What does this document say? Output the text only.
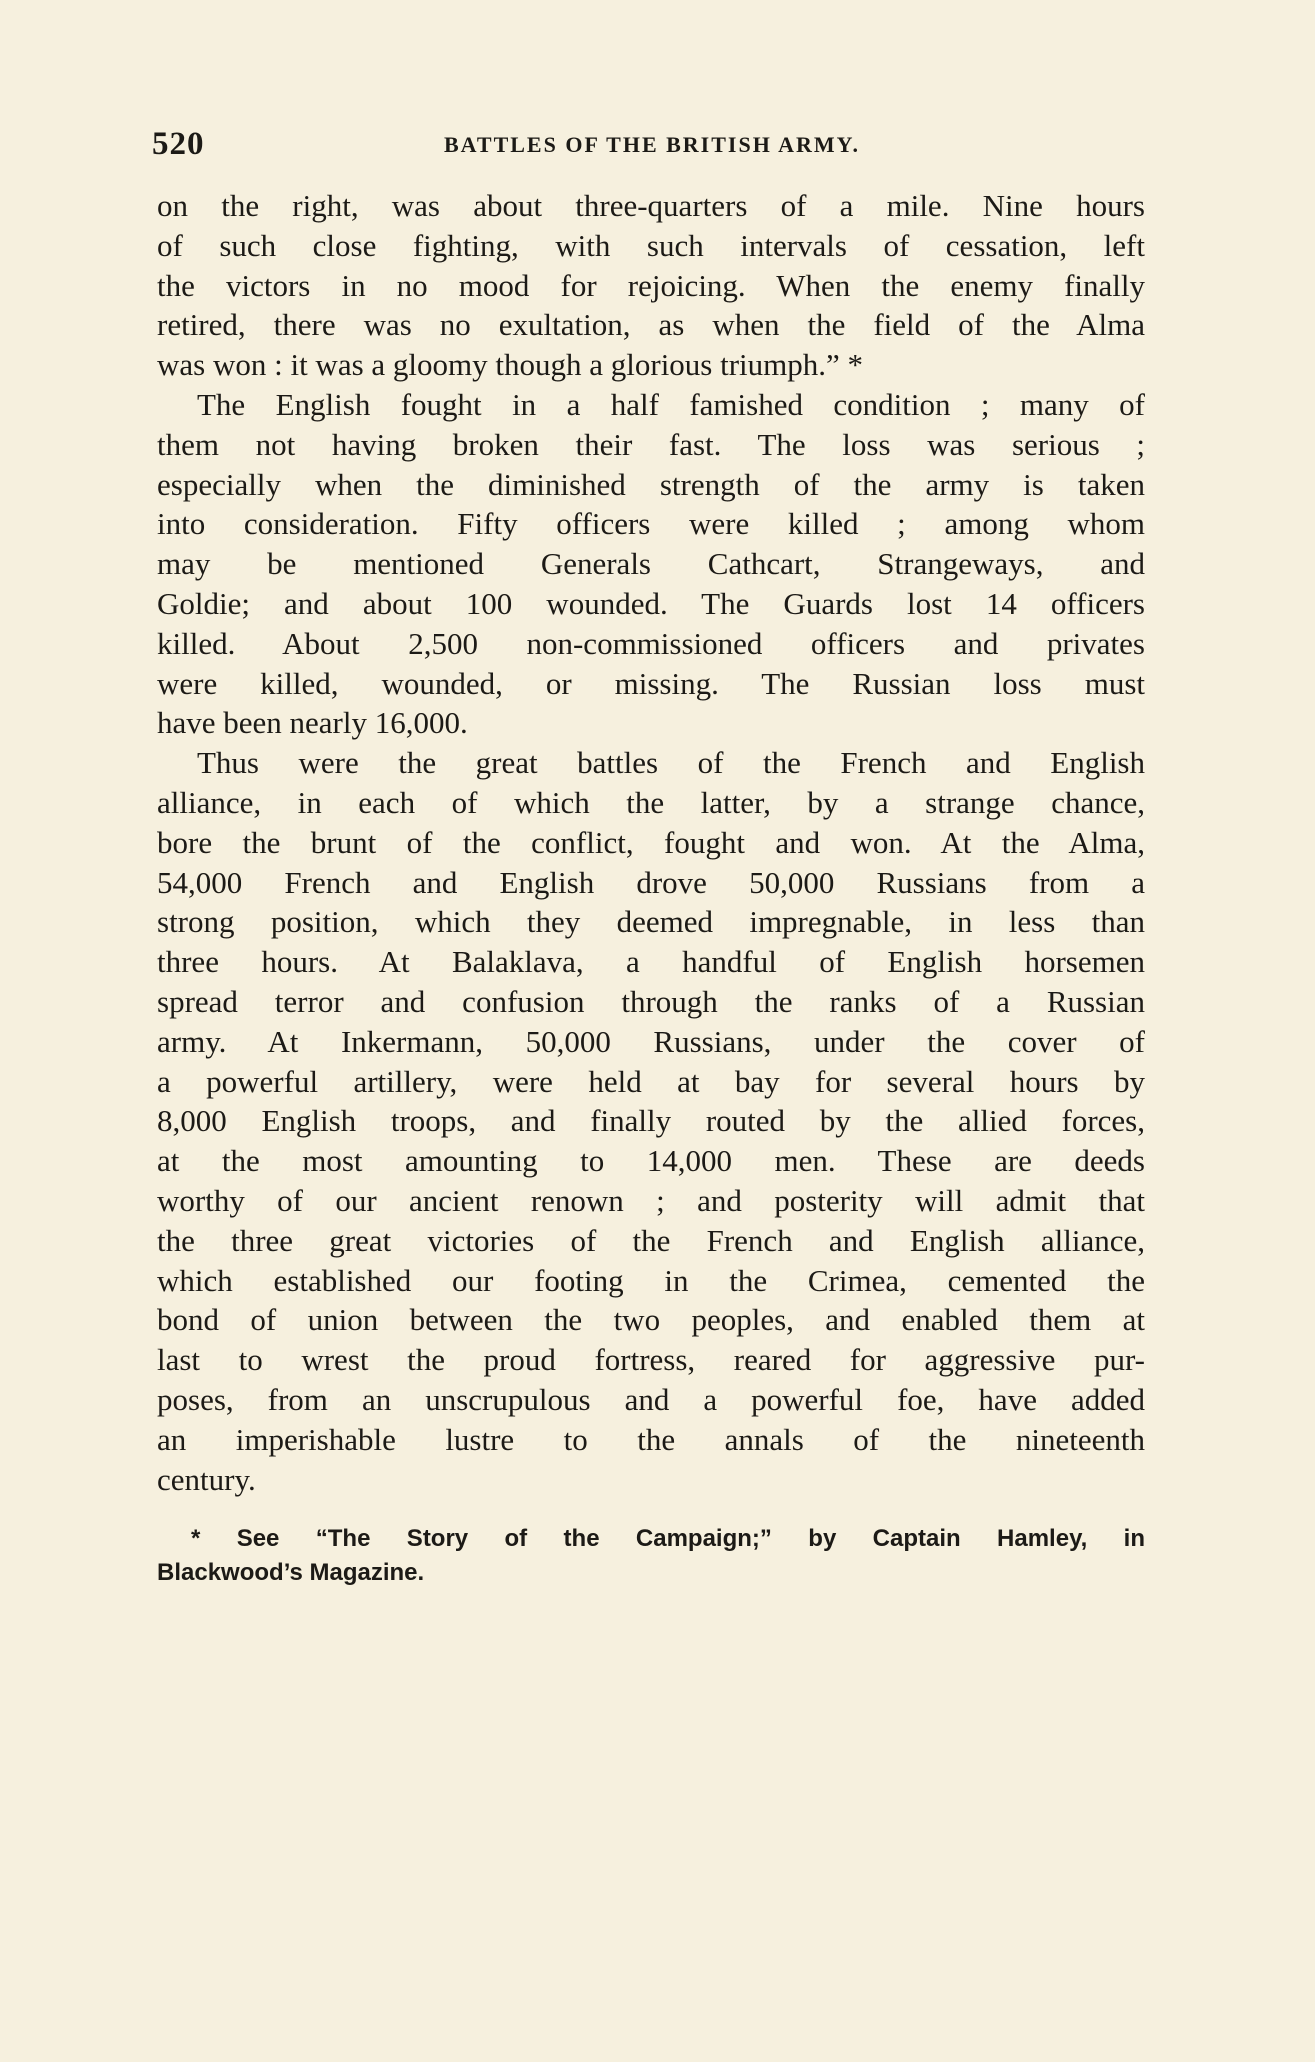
520	BATTLES OF THE BRITISH ARMY.
on the right, was about three-quarters of a mile. Nine hours
of such close fighting, with such intervals of cessation, left
the victors in no mood for rejoicing. When the enemy finally
retired, there was no exultation, as when the field of the Alma
was won : it was a gloomy though a glorious triumph.” *
The English fought in a half famished condition ; many of
them not having broken their fast. The loss was serious ;
especially when the diminished strength of the army is taken
into consideration. Fifty officers were killed ; among whom
may be mentioned Generals Cathcart, Strangeways, and
Goldie; and about 100 wounded. The Guards lost 14 officers
killed. About 2,500 non-commissioned officers and privates
were killed, wounded, or missing. The Russian loss must
have been nearly 16,000.
Thus were the great battles of the French and English
alliance, in each of which the latter, by a strange chance,
bore the brunt of the conflict, fought and won. At the Alma,
54,000 French and English drove 50,000 Russians from a
strong position, which they deemed impregnable, in less than
three hours. At Balaklava, a handful of English horsemen
spread terror and confusion through the ranks of a Russian
army. At Inkermann, 50,000 Russians, under the cover of
a powerful artillery, were held at bay for several hours by
8,000 English troops, and finally routed by the allied forces,
at the most amounting to 14,000 men. These are deeds
worthy of our ancient renown ; and posterity will admit that
the three great victories of the French and English alliance,
which established our footing in the Crimea, cemented the
bond of union between the two peoples, and enabled them at
last to wrest the proud fortress, reared for aggressive pur-
poses, from an unscrupulous and a powerful foe, have added
an imperishable lustre to the annals of the nineteenth
century.
* See “The Story of the Campaign;” by Captain Hamley, in
Blackwood’s Magazine.
